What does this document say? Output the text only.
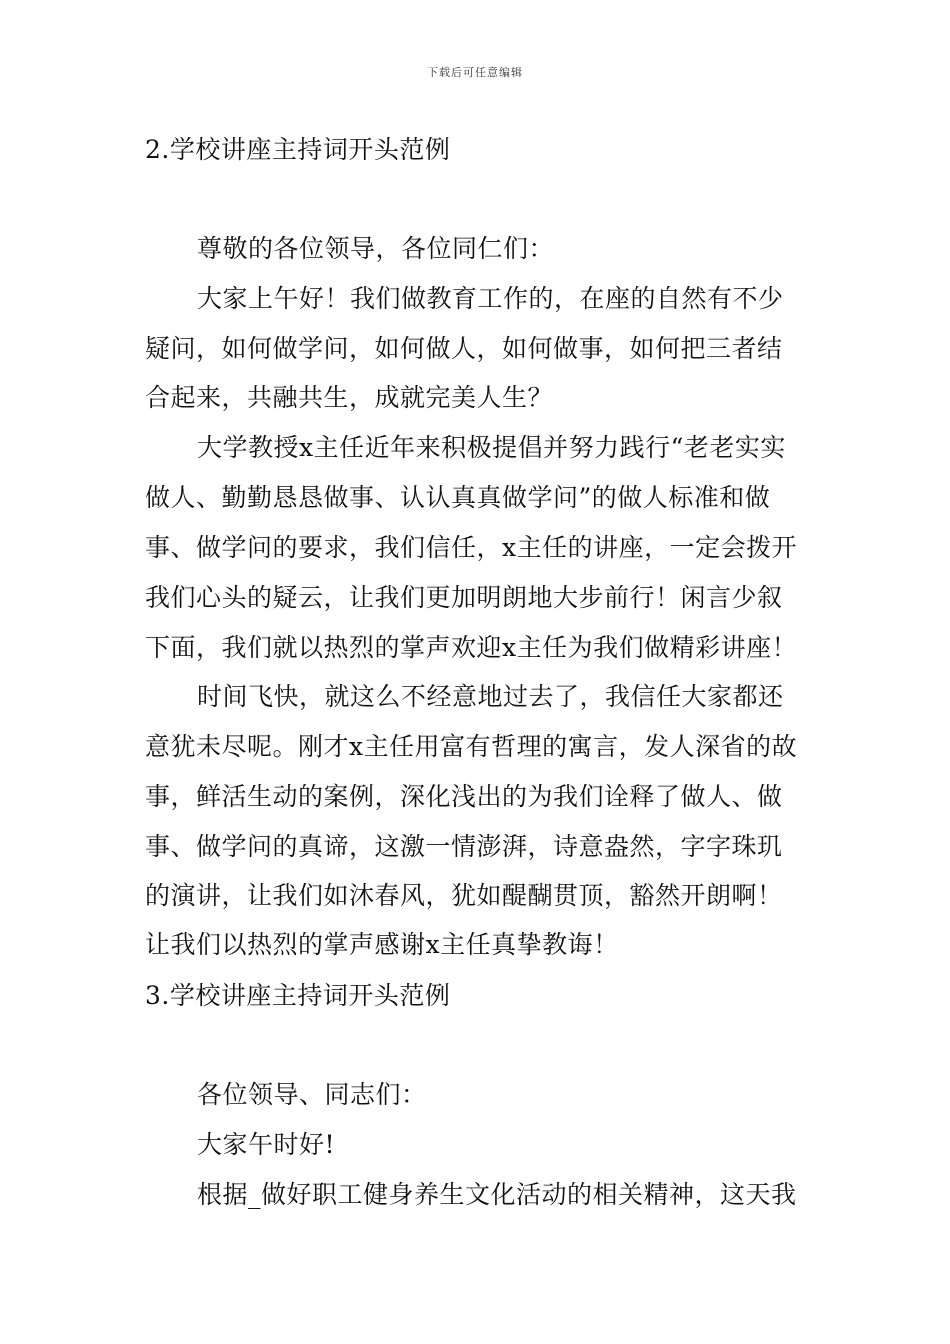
下载后可任意编辑
2.学校讲座主持词开头范例
尊敬的各位领导，各位同仁们：
大家上午好！我们做教育工作的，在座的自然有不少
疑问，如何做学问，如何做人，如何做事，如何把三者结
合起来，共融共生，成就完美人生？
大学教授x主任近年来积极提倡并努力践行“老老实实
做人、勤勤恳恳做事、认认真真做学问”的做人标准和做
事、做学问的要求，我们信任，x主任的讲座，一定会拨开
我们心头的疑云，让我们更加明朗地大步前行！闲言少叙
下面，我们就以热烈的掌声欢迎x主任为我们做精彩讲座！
时间飞快，就这么不经意地过去了，我信任大家都还
意犹未尽呢。刚才x主任用富有哲理的寓言，发人深省的故
事，鲜活生动的案例，深化浅出的为我们诠释了做人、做
事、做学问的真谛，这激一情澎湃，诗意盎然，字字珠玑
的演讲，让我们如沐春风，犹如醍醐贯顶，豁然开朗啊！
让我们以热烈的掌声感谢x主任真挚教诲！
3.学校讲座主持词开头范例
各位领导、同志们：
大家午时好!
根据_做好职工健身养生文化活动的相关精神，这天我
